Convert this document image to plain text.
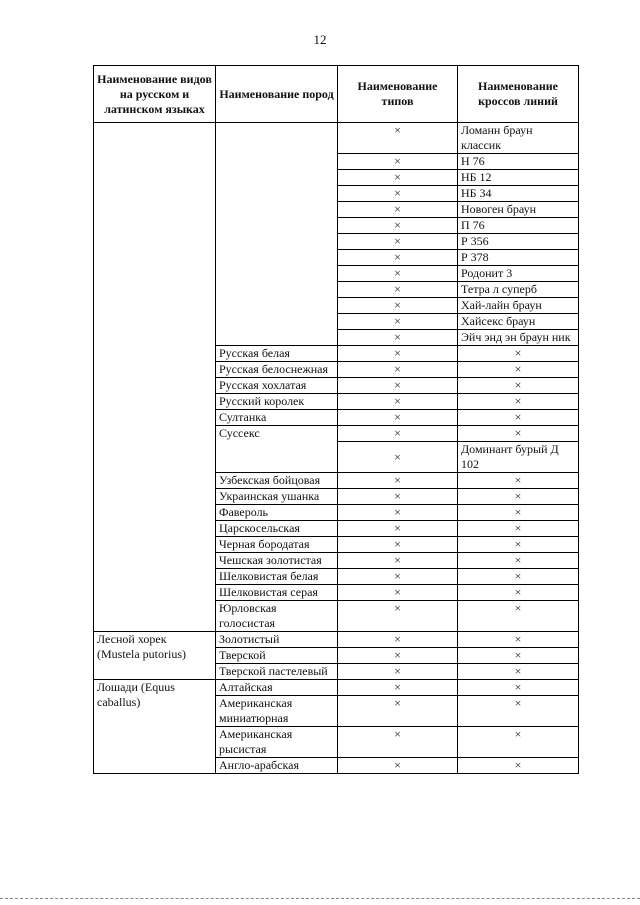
12
Наименование видов на русском и латинском языках	Наименование пород	Наименование типов	Наименование кроссов линий
		×	Ломанн браун классик
		×	Н 76
		×	НБ 12
		×	НБ 34
		×	Новоген браун
		×	П 76
		×	Р 356
		×	Р 378
		×	Родонит 3
		×	Тетра л суперб
		×	Хай-лайн браун
		×	Хайсекс браун
		×	Эйч энд эн браун ник
	Русская белая	×	×
	Русская белоснежная	×	×
	Русская хохлатая	×	×
	Русский королек	×	×
	Султанка	×	×
	Суссекс	×	×
		×	Доминант бурый Д 102
	Узбекская бойцовая	×	×
	Украинская ушанка	×	×
	Фавероль	×	×
	Царскосельская	×	×
	Черная бородатая	×	×
	Чешская золотистая	×	×
	Шелковистая белая	×	×
	Шелковистая серая	×	×
	Юрловская голосистая	×	×
Лесной хорек (Mustela putorius)	Золотистый	×	×
	Тверской	×	×
	Тверской пастелевый	×	×
Лошади (Equus caballus)	Алтайская	×	×
	Американская миниатюрная	×	×
	Американская рысистая	×	×
	Англо-арабская	×	×
